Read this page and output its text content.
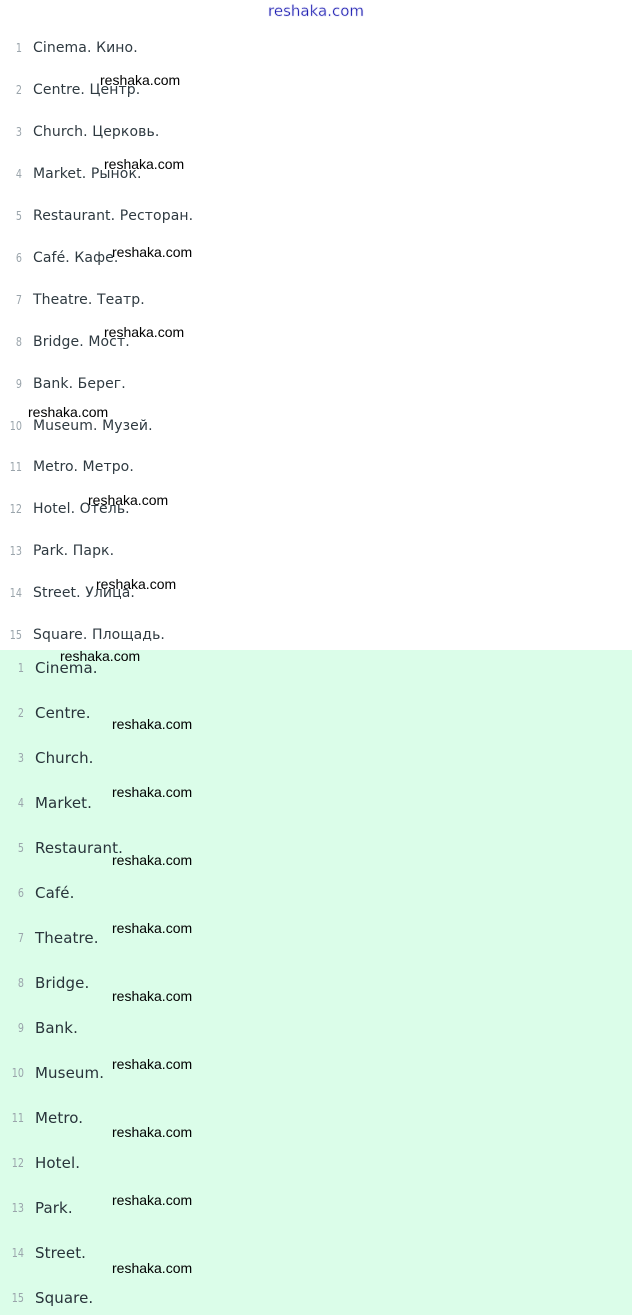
1 Cinema. Кино.
2 Centre. Центр.
3 Church. Церковь.
4 Market. Рынок.
5 Restaurant. Ресторан.
6 Café. Кафе.
7 Theatre. Театр.
8 Bridge. Мост.
9 Bank. Берег.
10 Museum. Музей.
11 Metro. Метро.
12 Hotel. Отель.
13 Park. Парк.
14 Street. Улица.
15 Square. Площадь.
1 Cinema.
2 Centre.
3 Church.
4 Market.
5 Restaurant.
6 Café.
7 Theatre.
8 Bridge.
9 Bank.
10 Museum.
11 Metro.
12 Hotel.
13 Park.
14 Street.
15 Square.
reshaka.com
reshaka.com
reshaka.com
reshaka.com
reshaka.com
reshaka.com
reshaka.com
reshaka.com
reshaka.com
reshaka.com
reshaka.com
reshaka.com
reshaka.com
reshaka.com
reshaka.com
reshaka.com
reshaka.com
reshaka.com
